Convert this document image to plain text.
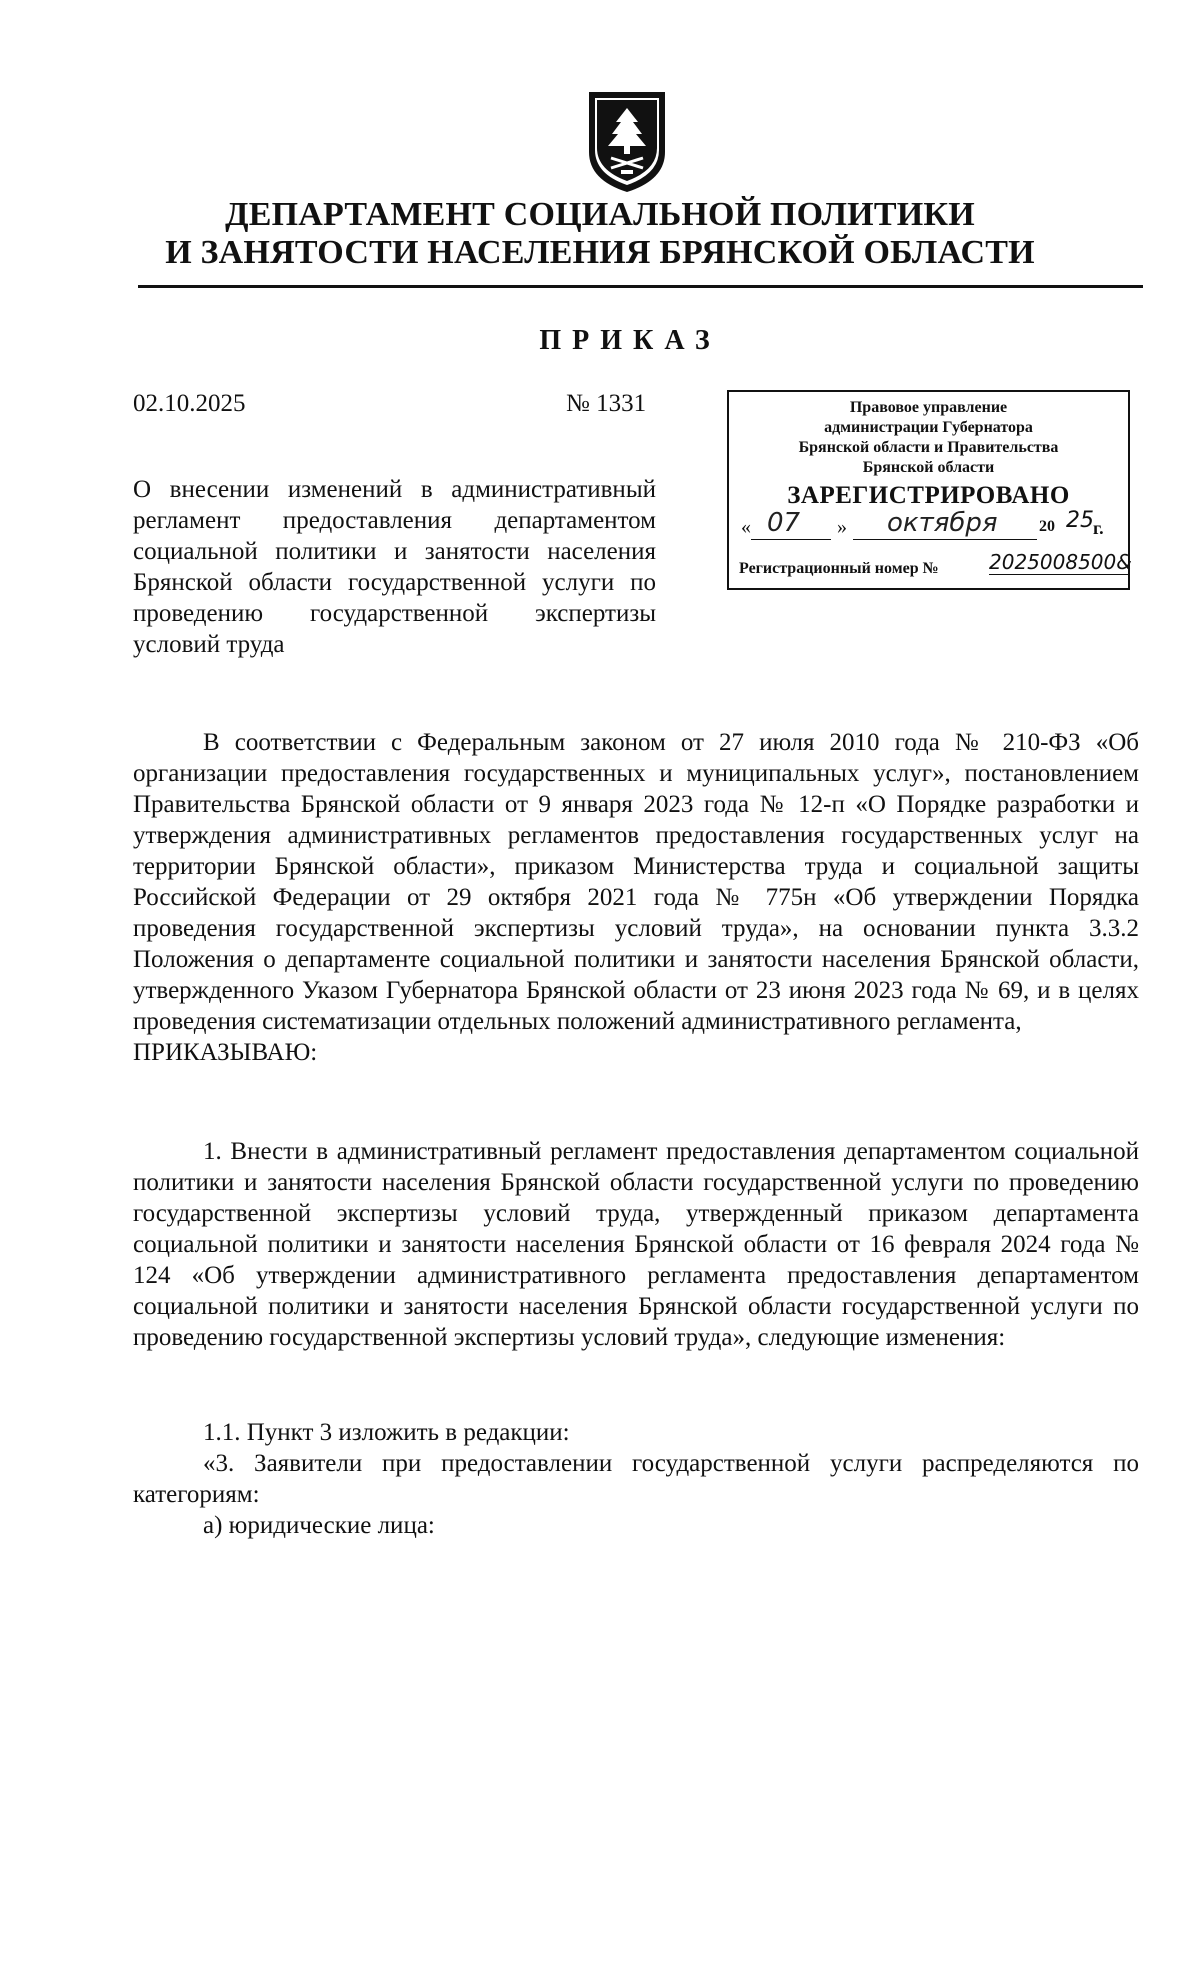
ДЕПАРТАМЕНТ СОЦИАЛЬНОЙ ПОЛИТИКИ
И ЗАНЯТОСТИ НАСЕЛЕНИЯ БРЯНСКОЙ ОБЛАСТИ
ПРИКАЗ
02.10.2025	№ 1331
О внесении изменений в административный регламент предоставления департаментом социальной политики и занятости населения Брянской области государственной услуги по проведению государственной экспертизы условий труда
Правовое управление
администрации Губернатора
Брянской области и Правительства
Брянской области
ЗАРЕГИСТРИРОВАНО
« 07 » октября	20 25 г.
Регистрационный номер №	2025008500&
В соответствии с Федеральным законом от 27 июля 2010 года № 210-ФЗ «Об организации предоставления государственных и муниципальных услуг», постановлением Правительства Брянской области от 9 января 2023 года № 12-п «О Порядке разработки и утверждения административных регламентов предоставления государственных услуг на территории Брянской области», приказом Министерства труда и социальной защиты Российской Федерации от 29 октября 2021 года № 775н «Об утверждении Порядка проведения государственной экспертизы условий труда», на основании пункта 3.3.2 Положения о департаменте социальной политики и занятости населения Брянской области, утвержденного Указом Губернатора Брянской области от 23 июня 2023 года № 69, и в целях проведения систематизации отдельных положений административного регламента,
ПРИКАЗЫВАЮ:
1. Внести в административный регламент предоставления департаментом социальной политики и занятости населения Брянской области государственной услуги по проведению государственной экспертизы условий труда, утвержденный приказом департамента социальной политики и занятости населения Брянской области от 16 февраля 2024 года № 124 «Об утверждении административного регламента предоставления департаментом социальной политики и занятости населения Брянской области государственной услуги по проведению государственной экспертизы условий труда», следующие изменения:
1.1. Пункт 3 изложить в редакции:
«3. Заявители при предоставлении государственной услуги распределяются по категориям:
а) юридические лица:
